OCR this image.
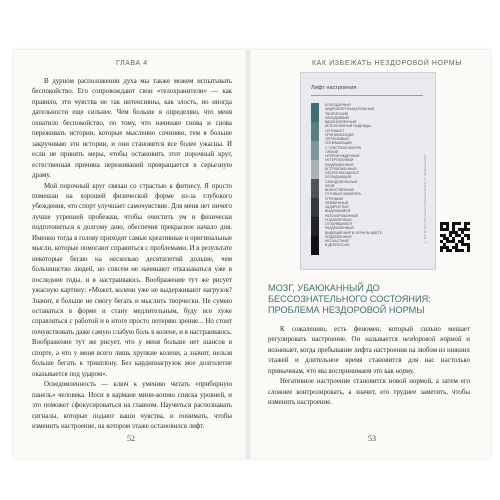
ГЛАВА 4

В дурном расположении духа мы также можем испытывать беспокойство. Его сопровождают свои «телохранители» — как правило, эти чувства не так интенсивны, как злость, но иногда дательности еще сильнее. Чем больше я определяю, что меня охватило беспокойство, по тому, что начинаю снова и снова переживать истории, которые мысленно сочиняю, тем я больше закручиваю эти истории, и они становятся все более ужасны. И если не принять меры, чтобы остановить этот порочный круг, естественная причина переживаний превращается в серьезную драму.

Мой порочный круг связан со страстью к фитнесу. Я просто помешан на хорошей физической форме из-за глубокого убеждения, что спорт улучшает самочувствие. Для меня нет ничего лучше утренней пробежки, чтобы очистить ум и физически подготовиться к долгому дню, обеспечив прекрасное начало дня. Именно тогда в голову приходят самые креативные и оригинальные мысли, которые помогают справиться с проблемами. И в результате некоторые бегаю на несколько десятилетий дольше, чем большинство людей, но совсем не начинают отказываться уже в последние годы, и я настраиваюсь. Воображение тут же рисует ужасную картину: «Может, колени уже не выдерживают нагрузок? Значит, я больше не смогу бегать и мыслить творчески. Не сумею оставаться в форме и стану медлительным, буду все хуже справляться с работой и в итоге просто потеряю зрение... Но стоит почувствовать даже самую слабую боль в колене, и я настраиваюсь. Воображение тут же рисует, что у меня больше нет шансов в спорте, а что у меня всего лишь хрупкие колени, а значит, нельзя больше бегать к триатлону. Без кардионагрузок мое долголетие оказывается под ударом».

Осведомленность — ключ к умению читать «приборную панель» человека. Носи в кармане мини-копию списка уровней, и это поможет сфокусироваться на главном. Научиться распознавать сигналы, которые подают ваши чувства, и понимать, чтобы изменить настроение, на котором этаже остановился лифт.

52
КАК ИЗБЕЖАТЬ НЕЗДОРОВОЙ НОРМЫ
Лифт настроения
БЛАГОДАРНЫЙ
МУДРЫЙ/ПРОНИЦАТЕЛЬНЫЙ
ТВОРЧЕСКИЙ
НАХОДЧИВЫЙ
ВДОХНОВЛЕННЫЙ
ИСПОЛНЕННЫЙ НАДЕЖДЫ
ОПТИМИСТ
ПРИНИМАЮЩИЙ
ТЕРПЕЛИВЫЙ
ПОНИМАЮЩИЙ
С ЧУВСТВОМ ЮМОРА
ГИБКИЙ
НЕПРИНУЖДЕННЫЙ
НЕТЕРПЕЛИВЫЙ
РАЗДРАЖЕННЫЙ
ВСТРЕВОЖЕННЫЙ
ОБОРОНЯЮЩИЙСЯ
ОСУЖДАЮЩИЙ
САМОДОВОЛЬНЫЙ
ЗЛОЙ
ВОИНСТВЕННЫЙ
ГОТОВЫЙ ОБВИНЯТЬ
УГРЮМЫЙ
ОБИЖЕННЫЙ
ЗАДИРИСТЫЙ
ВЫДОХШИЙСЯ
РАЗОЧАРОВАННЫЙ
ПОДАВЛЕННЫЙ
ОТЧАЯВШИЙСЯ
РАЗДРАЖЕННЫЙ
ВИДЯЩИЙ МИР В ЧЕРНОМ ЦВЕТЕ
ПОДАВЛЕННЫЙ
НЕСЧАСТНЫЙ
В ДЕПРЕССИИ
© 2017 by Jim Loehr | Human Performance Institute, Inc. All rights reserved.
МОЗГ, УБАЮКАННЫЙ ДО БЕССОЗНАТЕЛЬНОГО СОСТОЯНИЯ: ПРОБЛЕМА НЕЗДОРОВОЙ НОРМЫ

К сожалению, есть феномен, который сильно мешает регулировать настроение. Он называется нездоровой нормой и возникает, когда пребывание лифта настроения на любом из нижних этажей и длительное время становится для нас настолько привычным, что мы воспринимаем это как норму.

Негативное настроение становится новой нормой, а затем его сложнее контролировать, а значит, его труднее заметить, чтобы изменить настроение.

53
